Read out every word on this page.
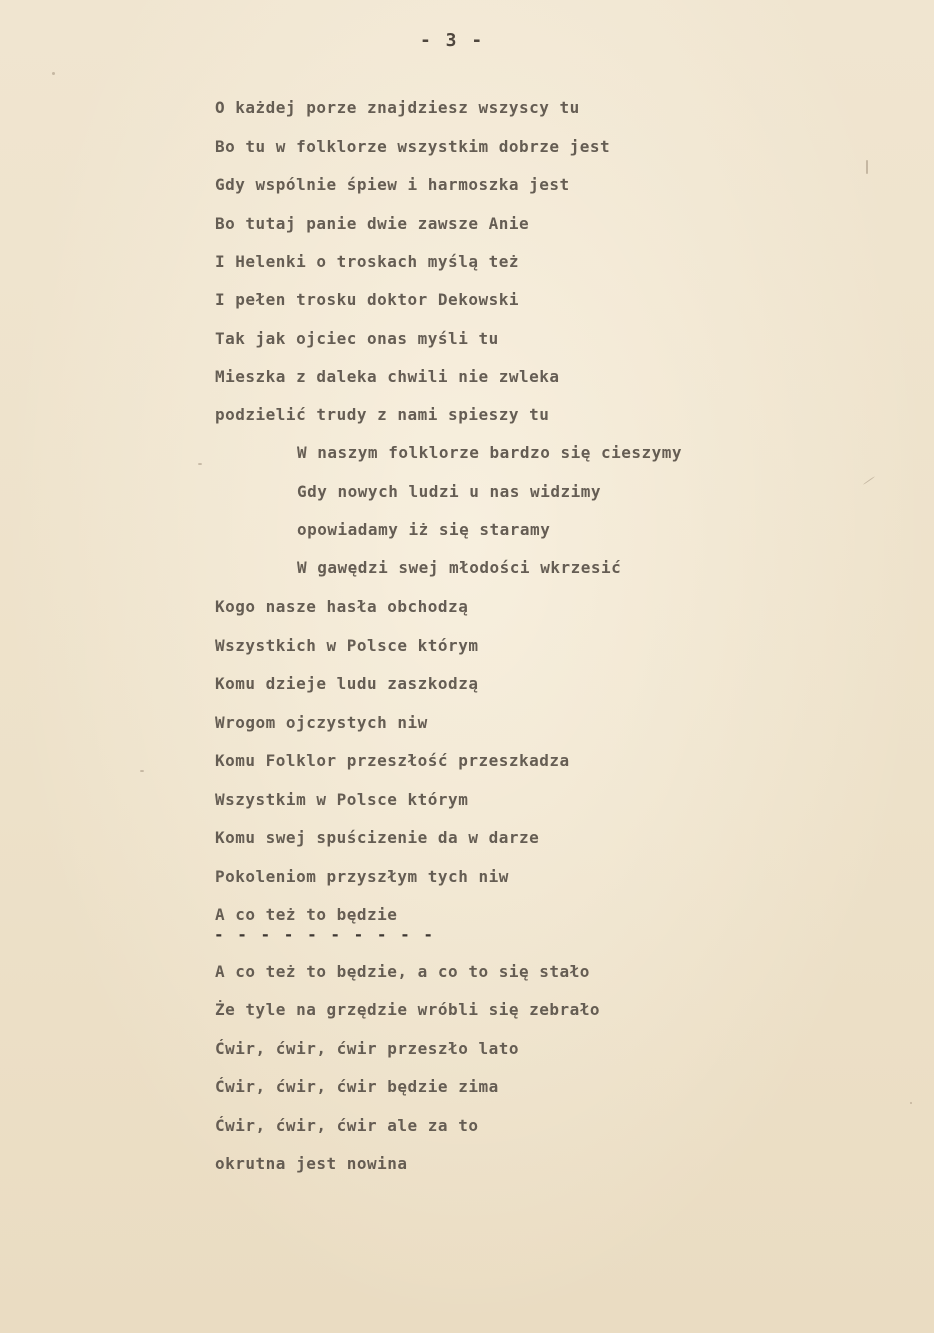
- 3 -
O każdej porze znajdziesz wszyscy tu
Bo tu w folklorze wszystkim dobrze jest
Gdy wspólnie śpiew i harmoszka jest
Bo tutaj panie dwie zawsze Anie
I Helenki o troskach myślą też
I pełen trosku doktor Dekowski
Tak jak ojciec onas myśli tu
Mieszka z daleka chwili nie zwleka
podzielić trudy z nami spieszy tu
W naszym folklorze bardzo się cieszymy
Gdy nowych ludzi u nas widzimy
opowiadamy iż się staramy
W gawędzi swej młodości wkrzesić
Kogo nasze hasła obchodzą
Wszystkich w Polsce którym
Komu dzieje ludu zaszkodzą
Wrogom ojczystych niw
Komu Folklor przeszłość przeszkadza
Wszystkim w Polsce którym
Komu swej spuścizenie da w darze
Pokoleniom przyszłym tych niw
A co też to będzie
- - - - - - - - - -
A co też to będzie, a co to się stało
Że tyle na grzędzie wróbli się zebrało
Ćwir, ćwir, ćwir przeszło lato
Ćwir, ćwir, ćwir będzie zima
Ćwir, ćwir, ćwir ale za to
okrutna jest nowina
